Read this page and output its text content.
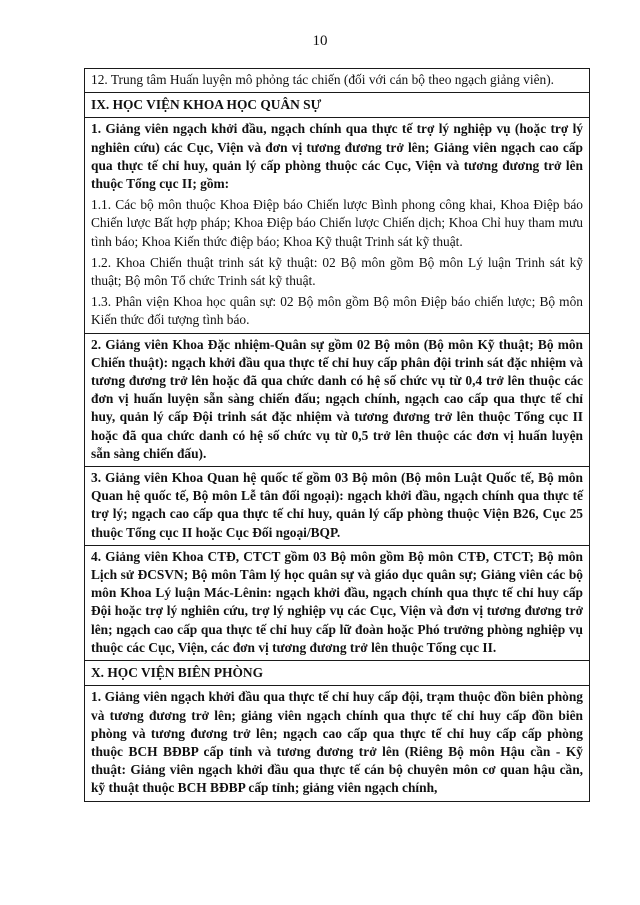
10

12. Trung tâm Huấn luyện mô phỏng tác chiến (đối với cán bộ theo ngạch giảng viên).

IX. HỌC VIỆN KHOA HỌC QUÂN SỰ

1. Giảng viên ngạch khởi đầu, ngạch chính qua thực tế trợ lý nghiệp vụ (hoặc trợ lý nghiên cứu) các Cục, Viện và đơn vị tương đương trở lên; Giảng viên ngạch cao cấp qua thực tế chỉ huy, quản lý cấp phòng thuộc các Cục, Viện và tương đương trở lên thuộc Tổng cục II; gồm:

1.1. Các bộ môn thuộc Khoa Điệp báo Chiến lược Bình phong công khai, Khoa Điệp báo Chiến lược Bất hợp pháp; Khoa Điệp báo Chiến lược Chiến dịch; Khoa Chỉ huy tham mưu tình báo; Khoa Kiến thức điệp báo; Khoa Kỹ thuật Trinh sát kỹ thuật.

1.2. Khoa Chiến thuật trinh sát kỹ thuật: 02 Bộ môn gồm Bộ môn Lý luận Trinh sát kỹ thuật; Bộ môn Tổ chức Trinh sát kỹ thuật.

1.3. Phân viện Khoa học quân sự: 02 Bộ môn gồm Bộ môn Điệp báo chiến lược; Bộ môn Kiến thức đối tượng tình báo.

2. Giảng viên Khoa Đặc nhiệm-Quân sự gồm 02 Bộ môn (Bộ môn Kỹ thuật; Bộ môn Chiến thuật): ngạch khởi đầu qua thực tế chỉ huy cấp phân đội trinh sát đặc nhiệm và tương đương trở lên hoặc đã qua chức danh có hệ số chức vụ từ 0,4 trở lên thuộc các đơn vị huấn luyện sẵn sàng chiến đấu; ngạch chính, ngạch cao cấp qua thực tế chỉ huy, quản lý cấp Đội trinh sát đặc nhiệm và tương đương trở lên thuộc Tổng cục II hoặc đã qua chức danh có hệ số chức vụ từ 0,5 trở lên thuộc các đơn vị huấn luyện sẵn sàng chiến đấu).

3. Giảng viên Khoa Quan hệ quốc tế gồm 03 Bộ môn (Bộ môn Luật Quốc tế, Bộ môn Quan hệ quốc tế, Bộ môn Lễ tân đối ngoại): ngạch khởi đầu, ngạch chính qua thực tế trợ lý; ngạch cao cấp qua thực tế chỉ huy, quản lý cấp phòng thuộc Viện B26, Cục 25 thuộc Tổng cục II hoặc Cục Đối ngoại/BQP.

4. Giảng viên Khoa CTĐ, CTCT gồm 03 Bộ môn gồm Bộ môn CTĐ, CTCT; Bộ môn Lịch sử ĐCSVN; Bộ môn Tâm lý học quân sự và giáo dục quân sự; Giảng viên các bộ môn Khoa Lý luận Mác-Lênin: ngạch khởi đầu, ngạch chính qua thực tế chỉ huy cấp Đội hoặc trợ lý nghiên cứu, trợ lý nghiệp vụ các Cục, Viện và đơn vị tương đương trở lên; ngạch cao cấp qua thực tế chỉ huy cấp lữ đoàn hoặc Phó trưởng phòng nghiệp vụ thuộc các Cục, Viện, các đơn vị tương đương trở lên thuộc Tổng cục II.

X. HỌC VIỆN BIÊN PHÒNG

1. Giảng viên ngạch khởi đầu qua thực tế chỉ huy cấp đội, trạm thuộc đồn biên phòng và tương đương trở lên; giảng viên ngạch chính qua thực tế chỉ huy cấp đồn biên phòng và tương đương trở lên; ngạch cao cấp qua thực tế chỉ huy cấp cấp phòng thuộc BCH BĐBP cấp tỉnh và tương đương trở lên (Riêng Bộ môn Hậu cần - Kỹ thuật: Giảng viên ngạch khởi đầu qua thực tế cán bộ chuyên môn cơ quan hậu cần, kỹ thuật thuộc BCH BĐBP cấp tỉnh; giảng viên ngạch chính,
